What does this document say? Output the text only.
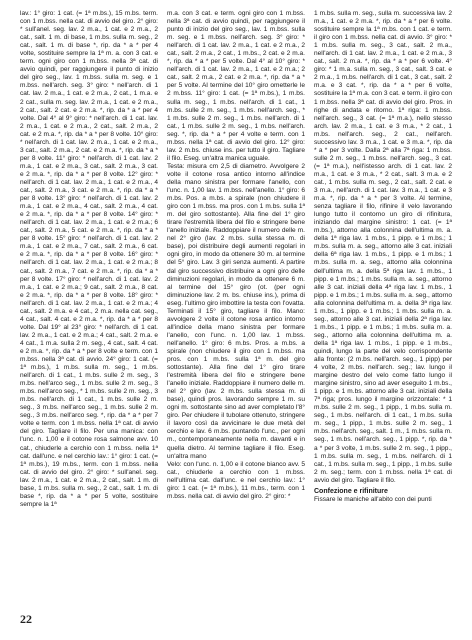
lav.: 1° giro: 1 cat. (= 1ª m.bs.), 15 m.bs. term. con 1 m.bss. nella cat. di avvio del giro. 2° giro: * sull'anel. seg. lav. 2 m.a., 1 cat. e 2 m.a., 2 cat., salt. 1 m. di base, 1 m.bs. sulla m. seg., 2 cat., salt. 1 m. di base *, rip. da * a * per 4 volte, sostituire sempre la 1ª m. a. con 3 cat. e term. ogni giro con 1 m.bss. nella 3ª cat. di avvio quindi, per raggiungere il punto di inizio del giro seg., lav. 1 m.bss. sulla m. seg. e 1 m.bss. nell'arch. seg. 3° giro: * nell'arch. di 1 cat. lav. 2 m.a., 1 cat. e 2 m.a., 2 cat., 1 m.a. e 2 cat., sulla m. seg. lav. 2 m.a., 1 cat. e 2 m.a., 2 cat., salt. 2 cat. e 2 m.a. *, rip. da * a * per 4 volte. Dal 4° al 9° giro: * nell'arch. di 1 cat. lav. 2 m.a., 1 cat. e 2 m.a., 2 cat., salt. 2 m.a., 2 cat. e 2 m.a. *, rip. da * a * per 8 volte. 10° giro: * nell'arch. di 1 cat. lav. 2 m.a., 1 cat. e 2 m.a., 3 cat., salt. 2 m.a., 2 cat. e 2 m.a. *, rip. da * a * per 8 volte. 11° giro: * nell'arch. di 1 cat. lav. 2 m.a., 1 cat. e 2 m.a., 3 cat., salt. 2 m.a., 3 cat. e 2 m.a. *, rip. da * a * per 8 volte. 12° giro: * nell'arch. di 1 cat. lav. 2 m.a., 1 cat. e 2 m.a., 4 cat., salt. 2 m.a., 3 cat. e 2 m.a. *, rip. da * a * per 8 volte. 13° giro: * nell'arch. di 1 cat. lav. 2 m.a., 1 cat. e 2 m.a., 4 cat., salt. 2 m.a., 4 cat. e 2 m.a. *, rip. da * a * per 8 volte. 14° giro: * nell'arch. di 1 cat. lav. 2 m.a., 1 cat. e 2 m.a.; 6 cat., salt. 2 m.a., 5 cat. e 2 m.a. *, rip. da * a * per 8 volte. 15° giro: * nell'arch. di 1 cat. lav. 2 m.a., 1 cat. e 2 m.a., 7 cat., salt. 2 m.a., 6 cat. e 2 m.a. *, rip. da * a * per 8 volte. 16° giro: * nell'arch. di 1 cat. lav. 2 m.a., 1 cat. e 2 m.a.; 8 cat., salt. 2 m.a., 7 cat. e 2 m.a. *, rip. da * a * per 8 volte. 17° giro: * nell'arch. di 1 cat. lav. 2 m.a., 1 cat. e 2 m.a.; 9 cat., salt. 2 m.a., 8 cat. e 2 m.a. *, rip. da * a * per 8 volte. 18° giro: * nell'arch. di 1 cat. lav. 2 m.a., 1 cat. e 2 m.a.; 4 cat., salt. 2 m.a. e 4 cat., 2 m.a. nella cat. seg., 4 cat., salt. 4 cat. e 2 m.a. *, rip. da * a * per 8 volte. Dal 19° al 23° giro: * nell'arch. di 1 cat. lav. 2 m.a., 1 cat. e 2 m.a.; 4 cat., salt. 2 m.a. e 4 cat., 1 m.a. sulla 2 m. seg., 4 cat., salt. 4 cat. e 2 m.a. *, rip. da * a * per 8 volte e term. con 1 m.bss. nella 3ª cat. di avvio. 24° giro: 1 cat. (= 1ª m.bs.), 1 m.bs. sulla m. seg., 1 m.bs. nell'arch. di 1 cat., 1 m.bs. sulle 2 m. seg., 3 m.bs. nell'arco seg., 1 m.bs. sulle 2 m. seg., 3 m.bs. nell'arco seg., * 1 m.bs. sulle 2 m. seg., 3 m.bs. nell'arch. di 1 cat., 1 m.bs. sulle 2 m. seg., 3 m.bs. nell'arco seg., 1 m.bs. sulle 2 m. seg., 3 m.bs. nell'arco seg. *, rip. da * a * per 7 volte e term. con 1 m.bss. nella 1ª cat. di avvio del giro. Tagliare il filo. Per una manica: con l'unc. n. 1,00 e il cotone rosa salmone avv. 10 cat., chiuderle a cerchio con 1 m.bss. nella 1ª cat. dall'unc. e nel cerchio lav.: 1° giro: 1 cat. (= 1ª m.bs.), 19 m.bs., term. con 1 m.bss. nella cat. di avvio del giro. 2° giro: * sull'anel. seg. lav. 2 m.a., 1 cat. e 2 m.a., 2 cat., salt. 1 m. di base, 1 m.bs. sulla m. seg., 2 cat., salt. 1 m. di base *, rip. da * a * per 5 volte, sostituire sempre la 1ª

m.a. con 3 cat. e term. ogni giro con 1 m.bss. nella 3ª cat. di avvio quindi, per raggiungere il punto di inizio del giro seg., lav. 1 m.bss. sulla m. seg. e 1 m.bss. nell'arch. seg. 3° giro: * nell'arch. di 1 cat. lav. 2 m.a., 1 cat. e 2 m.a., 2 cat., salt. 2 m.a., 2 cat., 1 m.bs., 2 cat. e 2 m.a. *, rip. da * a * per 5 volte. Dal 4° al 10° giro: * nell'arch. di 1 cat. lav. 2 m.a., 1 cat. e 2 m.a.; 2 cat., salt. 2 m.a., 2 cat. e 2 m.a. *, rip. da * a * per 5 volte. Al termine del 10° giro ometterle le 2 m.bss. 11° giro: 1 cat. (= 1ª m.bs.), 1 m.bs. sulla m. seg., 1 m.bs. nell'arch. di 1 cat., 1 m.bs. sulle 2 m. seg., 1 m.bs. nell'arch. seg., * 1 m.bs. sulle 2 m. seg., 1 m.bs. nell'arch. di 1 cat., 1 m.bs. sulle 2 m. seg., 1 m.bs. nell'arch. seg. *, rip. da * a * per 4 volte e term. con 1 m.bss. nella 1ª cat. di avvio del giro. 12° giro: lav. 2 m.bs. chiuse ins. per tutto il giro. Tagliare il filo. Eseg. un'altra manica uguale.

Testa: misura cm 2,5 di diametro. Avvolgere 2 volte il cotone rosa antico intorno all'indice della mano sinistra per formare l'anello, con l'unc. n. 1,00 lav. 1 m.bss. nell'anello. 1° giro: 6 m.bs. Pos. a m.bs. a spirale (non chiudere il giro con 1 m.bss. ma pros. con 1 m.bs. sulla 1ª m. del giro sottostante). Alla fine del 1° giro tirare l'estremità libera del filo e stringere bene l'anello iniziale. Raddoppiare il numero delle m. nel 2° giro (lav. 2 m.bs. sulla stessa m. di base), poi distribuire degli aumenti regolari in ogni giro, in modo da ottenere 30 m. al termine del 5° giro. Lav. 3 giri senza aumenti. A partire dal giro successivo distribuire a ogni giro delle diminuzioni regolari, in modo da ottenere 6 m. al termine del 15° giro (ot. (per ogni diminuzione lav. 2 m. bs. chiuse ins.), prima di eseg. l'ultimo giro imbottire la testa con l'ovatta. Terminati il 15° giro, tagliare il filo. Mano: avvolgere 2 volte il cotone rosa antico intorno all'indice della mano sinistra per formare l'anello, con l'unc. n. 1,00 lav. 1 m.bss. nell'anello. 1° giro: 6 m.bs. Pros. a m.bs. a spirale (non chiudere il giro con 1 m.bss. ma pros. con 1 m.bs. sulla 1ª m. del giro sottostante). Alla fine del 1° giro tirare l'estremità libera del filo e stringere bene l'anello iniziale. Raddoppiare il numero delle m. nel 2° giro (lav. 2 m.bs. sulla stessa m. di base), quindi pros. lavorando sempre 1 m. su ogni m. sottostante sino ad aver completato l'8° giro. Per chiudere il tubolare ottenuto, stringere il lavoro così da avvicinare le due metà del cerchio e lav. 6 m.bs. puntando l'unc., per ogni m., contemporaneamente nella m. davanti e in quella dietro. Al termine tagliare il filo. Eseg. un'altra mano

Velo: con l'unc. n. 1,00 e il cotone bianco avv. 5 cat., chiuderle a cerchio con 1 m.bss. nell'ultima cat. dall'unc. e nel cerchio lav.: 1° giro: 1 cat. (= 1ª m.bs.), 11 m.bs., term. con 1 m.bss. nella cat. di avvio del giro. 2° giro: *

1 m.bs. sulla m. seg., sulla m. successiva lav. 2 m.a., 1 cat. e 2 m.a. *, rip. da * a * per 6 volte. sostituire sempre la 1ª m.bs. con 1 cat. e term. il giro con 1 m.bss. nella cat. di avvio. 3° giro: * 1 m.bs. sulla m. seg., 3 cat., salt. 2 m.a., nell'arch. di 1 cat. lav. 2 m.a., 1 cat. e 2 m.a., 3 cat., salt. 2 m.a. *, rip. da * a * per 6 volte. 4° giro: * 1 m.a. sulla m. seg., 3 cat., salt. 3 cat. e 2 m.a., 1 m.bs. nell'arch. di 1 cat., 3 cat., salt. 2 m.a. e 3 cat. *, rip. da * a * per 6 volte, sostituire la 1ª m.a. con 3 cat. e term. il giro con 1 m.bss. nella 3ª cat. di avvio del giro. Pros. in righe di andata e ritorno. 1ª riga: 1 m.bss. nell'arch. seg., 3 cat. (= 1ª m.a.), nello stesso arch. lav. 2 m.a., 1 cat. e 3 m.a., * 2 cat., 1 m.bs. nell'arch. seg., 2 cat., nell'arch. successivo lav. 3 m.a., 1 cat. e 3 m.a. *, rip. da * a * per 3 volte. Dalla 2ª alla 7ª riga: 1 m.bss. sulle 2 m. seg., 1 m.bss. nell'arch. seg., 3 cat. (= 1ª m.a.), nell'istesso arch. di 1 cat. lav. 2 m.a., 1 cat. e 3 m.a., * 2 cat., salt. 3 m.a. e 2 cat., 1 m.bs. sulla m. seg., 2 cat., salt. 2 cat. e 3 m.a., nell'arch. di 1 cat. lav. 3 m.a., 1 cat. e 3 m.a. *, rip. da * a * per 3 volte. Al termine, senza tagliare il filo, rifinire il velo lavorando lungo tutto il contorno un giro di rifinitura, iniziando dal margine sinistro: 1 cat. (= 1ª m.bs.), attorno alla colonnina dell'ultima m. a. della 1ª riga lav. 1 m.bs., 1 pipp. e 1 m.bs.; 1 m.bs. sulla m. a. seg., attorno alle 3 cat. iniziali della 6ª riga lav. 1 m.bs., 1 pipp. e 1 m.bs.; 1 m.bs. sulla m. a. seg., attorno alla colonnina dell'ultima m. a. della 5ª riga lav. 1 m.bs., 1 pipp. e 1 m.bs.; 1 m.bs. sulla m. a. seg., attorno alle 3 cat. iniziali della 4ª riga lav. 1 m.bs., 1 pipp. e 1 m.bs.; 1 m.bs. sulla m. a. seg., attorno alla colonnina dell'ultima m. a. della 3ª riga lav. 1 m.bs., 1 pipp. e 1 m.bs.; 1 m.bs. sulla m. a. seg., attorno alle 3 cat. iniziali della 2ª riga lav. 1 m.bs., 1 pipp. e 1 m.bs.; 1 m.bs. sulla m. a. seg., attorno alla colonnina dell'ultima m. a. della 1ª riga lav. 1 m.bs., 1 pipp. e 1 m.bs., quindi, lungo la parte del velo corrispondente alla fronte: (2 m.bs. nell'arch. seg., 1 pipp) per 4 volte, 2 m.bs. nell'arch. seg.; lav. lungo il margine destro del velo come fatto lungo il margine sinistro, sino ad aver eseguito 1 m.bs., 1 pipp. e 1 m.bs. attorno alle 3 cat. iniziali della 7ª riga; pros. lungo il margine orizzontale: * 1 m.bs. sulle 2 m. seg., 1 pipp., 1 m.bs. sulla m. seg., 1 m.bs. nell'arch. di 1 cat., 1 m.bs. sulla m. seg., 1 pipp., 1 m.bs. sulle 2 m. seg., 1 m.bs. nell'arch. seg., salt. 1 m., 1 m.bs. sulla m. seg., 1 m.bs. nell'arch. seg., 1 pipp. *, rip. da * a * per 3 volte, 1 m.bs. sulle 2 m. seg., 1 pipp., 1 m.bs. sulla m. seg., 1 m.bs. nell'arch. di 1 cat., 1 m.bs. sulla m. seg., 1 pipp., 1 m.bs. sulle 2 m. seg.; term. con 1 m.bss. nella 1ª cat. di avvio del giro. Tagliare il filo.

Confezione e rifiniture

Fissare le maniche all'abito con dei punti

22
